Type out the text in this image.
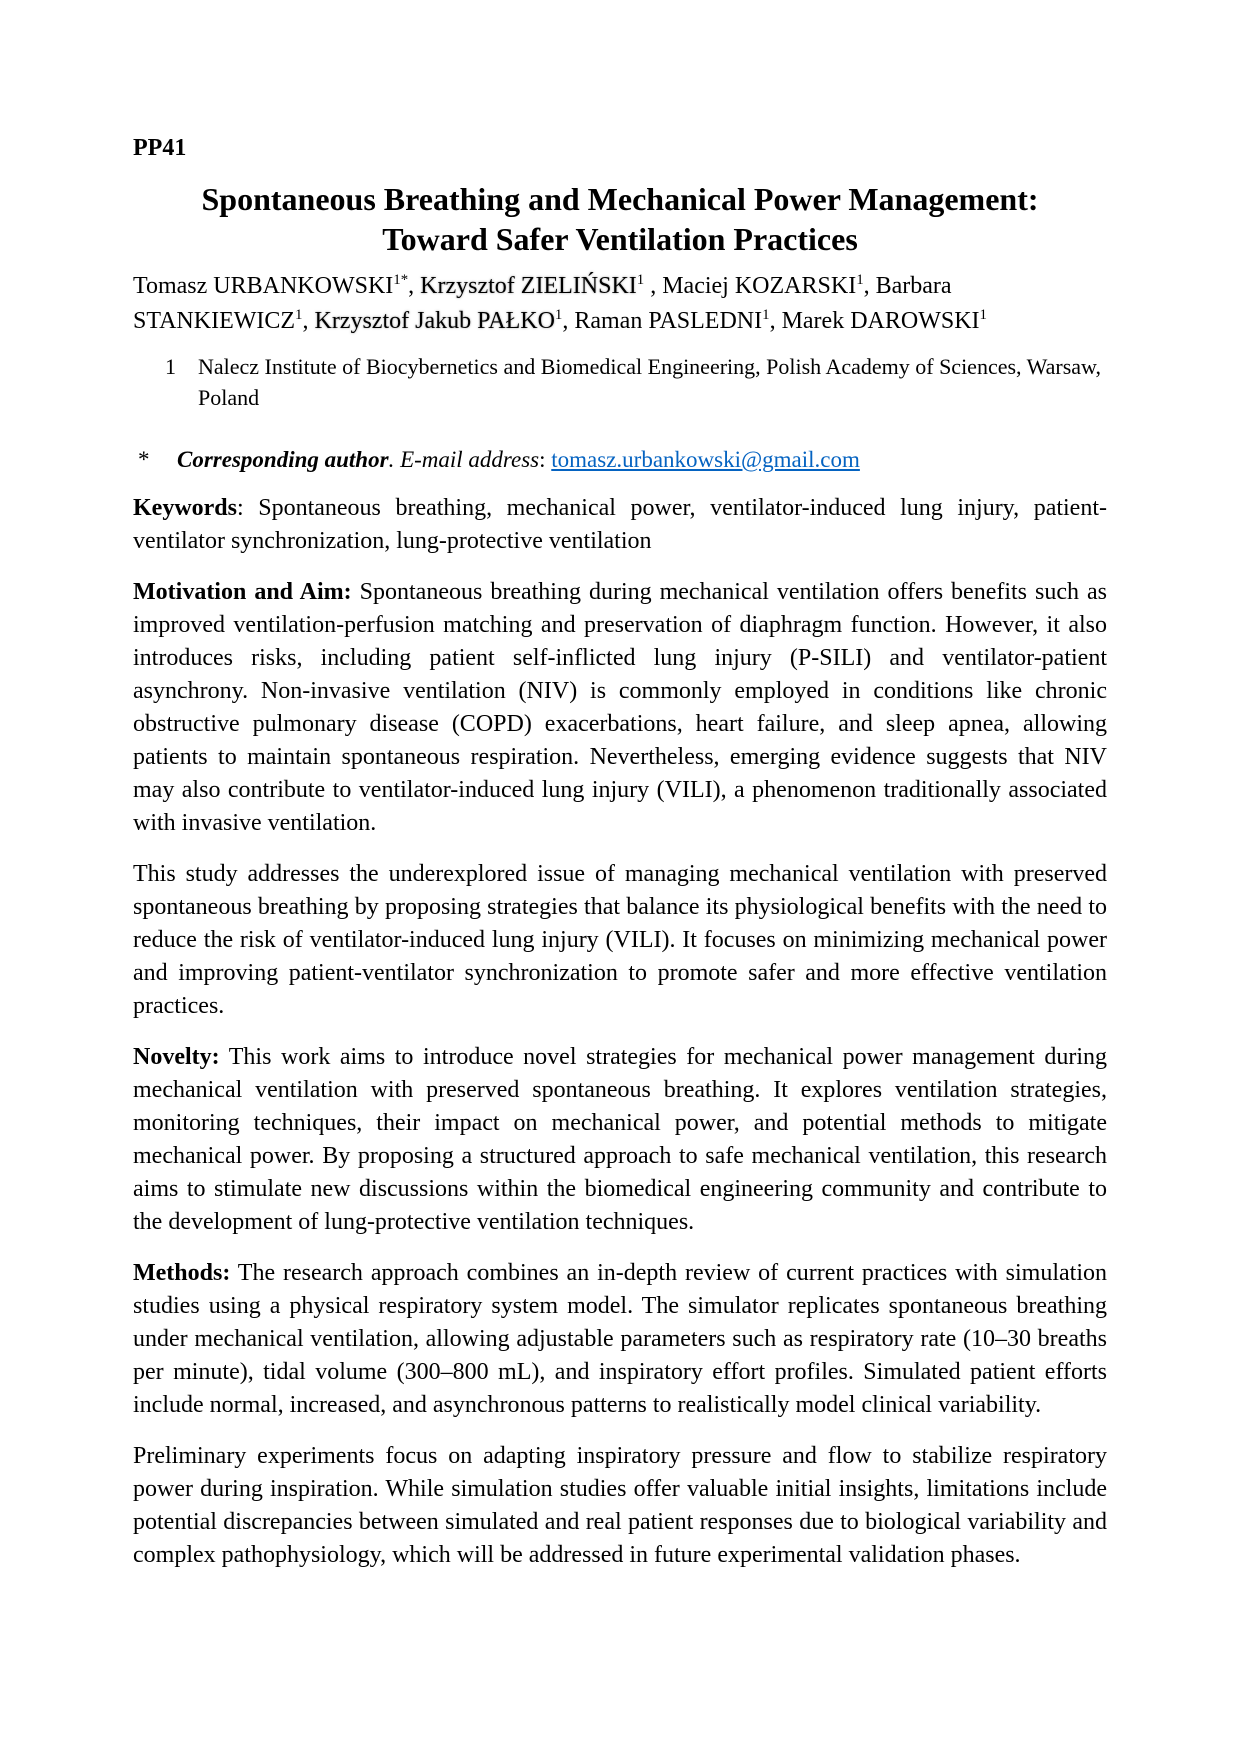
PP41
Spontaneous Breathing and Mechanical Power Management:
Toward Safer Ventilation Practices
Tomasz $URBANKOWSKI^{1*}$, Krzysztof ZIELIŃSKI$^1$ , Maciej KOZARSKI$^1$, Barbara STANKIEWICZ$^1$, Krzysztof Jakub PAŁKO$^1$, Raman PASLEDNI$^1$, Marek DAROWSKI$^1$
1	Nalecz Institute of Biocybernetics and Biomedical Engineering, Polish Academy of Sciences, Warsaw, Poland
*	Corresponding author. E-mail address: tomasz.urbankowski@gmail.com
Keywords: Spontaneous breathing, mechanical power, ventilator-induced lung injury, patient-ventilator synchronization, lung-protective ventilation
Motivation and Aim: Spontaneous breathing during mechanical ventilation offers benefits such as improved ventilation-perfusion matching and preservation of diaphragm function. However, it also introduces risks, including patient self-inflicted lung injury (P-SILI) and ventilator-patient asynchrony. Non-invasive ventilation (NIV) is commonly employed in conditions like chronic obstructive pulmonary disease (COPD) exacerbations, heart failure, and sleep apnea, allowing patients to maintain spontaneous respiration. Nevertheless, emerging evidence suggests that NIV may also contribute to ventilator-induced lung injury (VILI), a phenomenon traditionally associated with invasive ventilation.
This study addresses the underexplored issue of managing mechanical ventilation with preserved spontaneous breathing by proposing strategies that balance its physiological benefits with the need to reduce the risk of ventilator-induced lung injury (VILI). It focuses on minimizing mechanical power and improving patient-ventilator synchronization to promote safer and more effective ventilation practices.
Novelty: This work aims to introduce novel strategies for mechanical power management during mechanical ventilation with preserved spontaneous breathing. It explores ventilation strategies, monitoring techniques, their impact on mechanical power, and potential methods to mitigate mechanical power. By proposing a structured approach to safe mechanical ventilation, this research aims to stimulate new discussions within the biomedical engineering community and contribute to the development of lung-protective ventilation techniques.
Methods: The research approach combines an in-depth review of current practices with simulation studies using a physical respiratory system model. The simulator replicates spontaneous breathing under mechanical ventilation, allowing adjustable parameters such as respiratory rate (10–30 breaths per minute), tidal volume (300–800 mL), and inspiratory effort profiles. Simulated patient efforts include normal, increased, and asynchronous patterns to realistically model clinical variability.
Preliminary experiments focus on adapting inspiratory pressure and flow to stabilize respiratory power during inspiration. While simulation studies offer valuable initial insights, limitations include potential discrepancies between simulated and real patient responses due to biological variability and complex pathophysiology, which will be addressed in future experimental validation phases.
